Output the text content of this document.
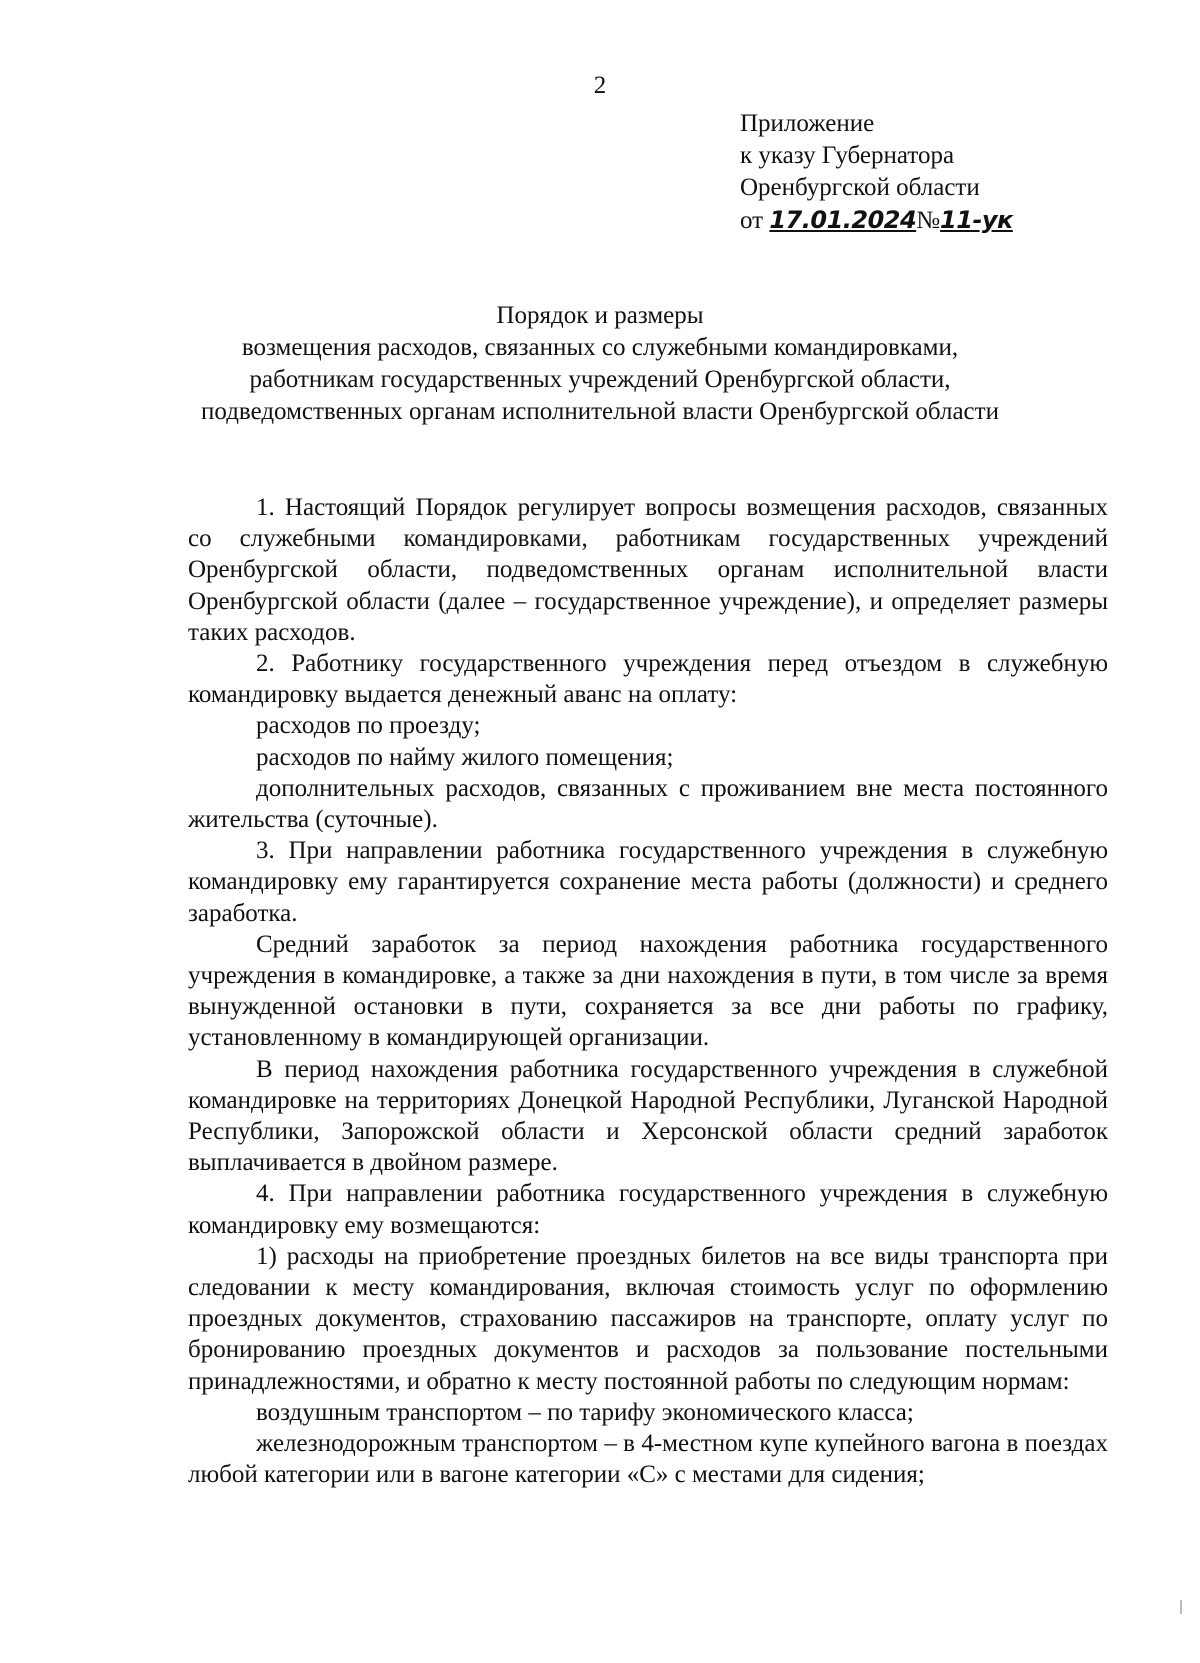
2
Приложение
к указу Губернатора
Оренбургской области
от 17.01.2024№11-ук
Порядок и размеры
возмещения расходов, связанных со служебными командировками,
работникам государственных учреждений Оренбургской области,
подведомственных органам исполнительной власти Оренбургской области

1. Настоящий Порядок регулирует вопросы возмещения расходов, связанных со служебными командировками, работникам государственных учреждений Оренбургской области, подведомственных органам исполнительной власти Оренбургской области (далее – государственное учреждение), и определяет размеры таких расходов.

2. Работнику государственного учреждения перед отъездом в служебную командировку выдается денежный аванс на оплату:

расходов по проезду;

расходов по найму жилого помещения;

дополнительных расходов, связанных с проживанием вне места постоянного жительства (суточные).

3. При направлении работника государственного учреждения в служебную командировку ему гарантируется сохранение места работы (должности) и среднего заработка.

Средний заработок за период нахождения работника государственного учреждения в командировке, а также за дни нахождения в пути, в том числе за время вынужденной остановки в пути, сохраняется за все дни работы по графику, установленному в командирующей организации.

В период нахождения работника государственного учреждения в служебной командировке на территориях Донецкой Народной Республики, Луганской Народной Республики, Запорожской области и Херсонской области средний заработок выплачивается в двойном размере.

4. При направлении работника государственного учреждения в служебную командировку ему возмещаются:

1) расходы на приобретение проездных билетов на все виды транспорта при следовании к месту командирования, включая стоимость услуг по оформлению проездных документов, страхованию пассажиров на транспорте, оплату услуг по бронированию проездных документов и расходов за пользование постельными принадлежностями, и обратно к месту постоянной работы по следующим нормам:

воздушным транспортом – по тарифу экономического класса;

железнодорожным транспортом – в 4-местном купе купейного вагона в поездах любой категории или в вагоне категории «С» с местами для сидения;
